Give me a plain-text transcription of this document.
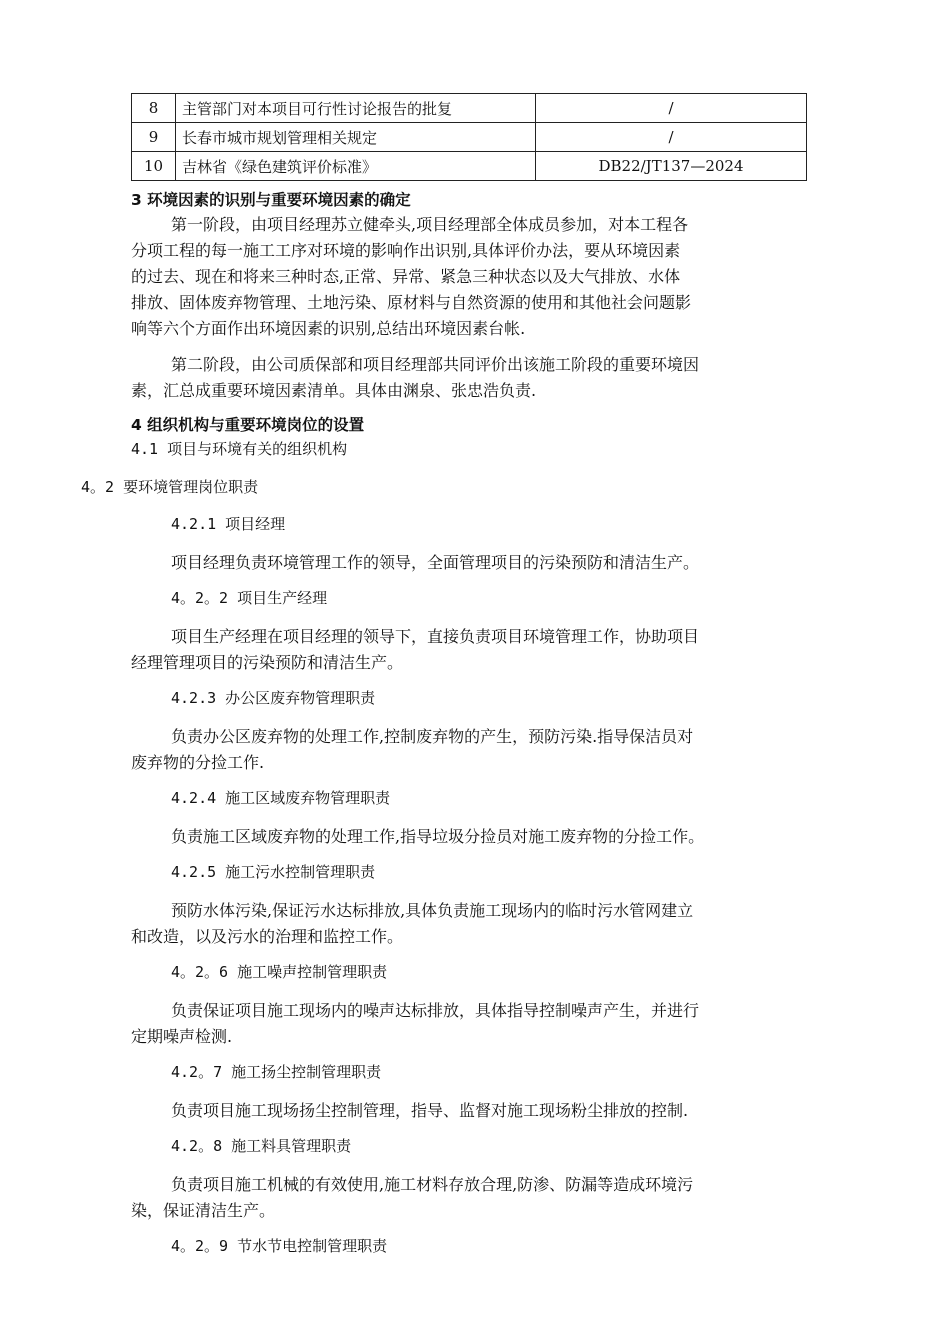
8	主管部门对本项目可行性讨论报告的批复	/
9	长春市城市规划管理相关规定	/
10	吉林省《绿色建筑评价标准》	DB22/JT137—2024
3 环境因素的识别与重要环境因素的确定
第一阶段，由项目经理苏立健牵头,项目经理部全体成员参加，对本工程各
分项工程的每一施工工序对环境的影响作出识别,具体评价办法，要从环境因素
的过去、现在和将来三种时态,正常、异常、紧急三种状态以及大气排放、水体
排放、固体废弃物管理、土地污染、原材料与自然资源的使用和其他社会问题影
响等六个方面作出环境因素的识别,总结出环境因素台帐.
第二阶段，由公司质保部和项目经理部共同评价出该施工阶段的重要环境因
素，汇总成重要环境因素清单。具体由渊泉、张忠浩负责.
4 组织机构与重要环境岗位的设置
4.1 项目与环境有关的组织机构
4。2 要环境管理岗位职责
4.2.1 项目经理
项目经理负责环境管理工作的领导，全面管理项目的污染预防和清洁生产。
4。2。2 项目生产经理
项目生产经理在项目经理的领导下，直接负责项目环境管理工作，协助项目
经理管理项目的污染预防和清洁生产。
4.2.3 办公区废弃物管理职责
负责办公区废弃物的处理工作,控制废弃物的产生，预防污染.指导保洁员对
废弃物的分捡工作.
4.2.4 施工区域废弃物管理职责
负责施工区域废弃物的处理工作,指导垃圾分捡员对施工废弃物的分捡工作。
4.2.5 施工污水控制管理职责
预防水体污染,保证污水达标排放,具体负责施工现场内的临时污水管网建立
和改造，以及污水的治理和监控工作。
4。2。6 施工噪声控制管理职责
负责保证项目施工现场内的噪声达标排放，具体指导控制噪声产生，并进行
定期噪声检测.
4.2。7 施工扬尘控制管理职责
负责项目施工现场扬尘控制管理，指导、监督对施工现场粉尘排放的控制.
4.2。8 施工料具管理职责
负责项目施工机械的有效使用,施工材料存放合理,防渗、防漏等造成环境污
染，保证清洁生产。
4。2。9 节水节电控制管理职责
